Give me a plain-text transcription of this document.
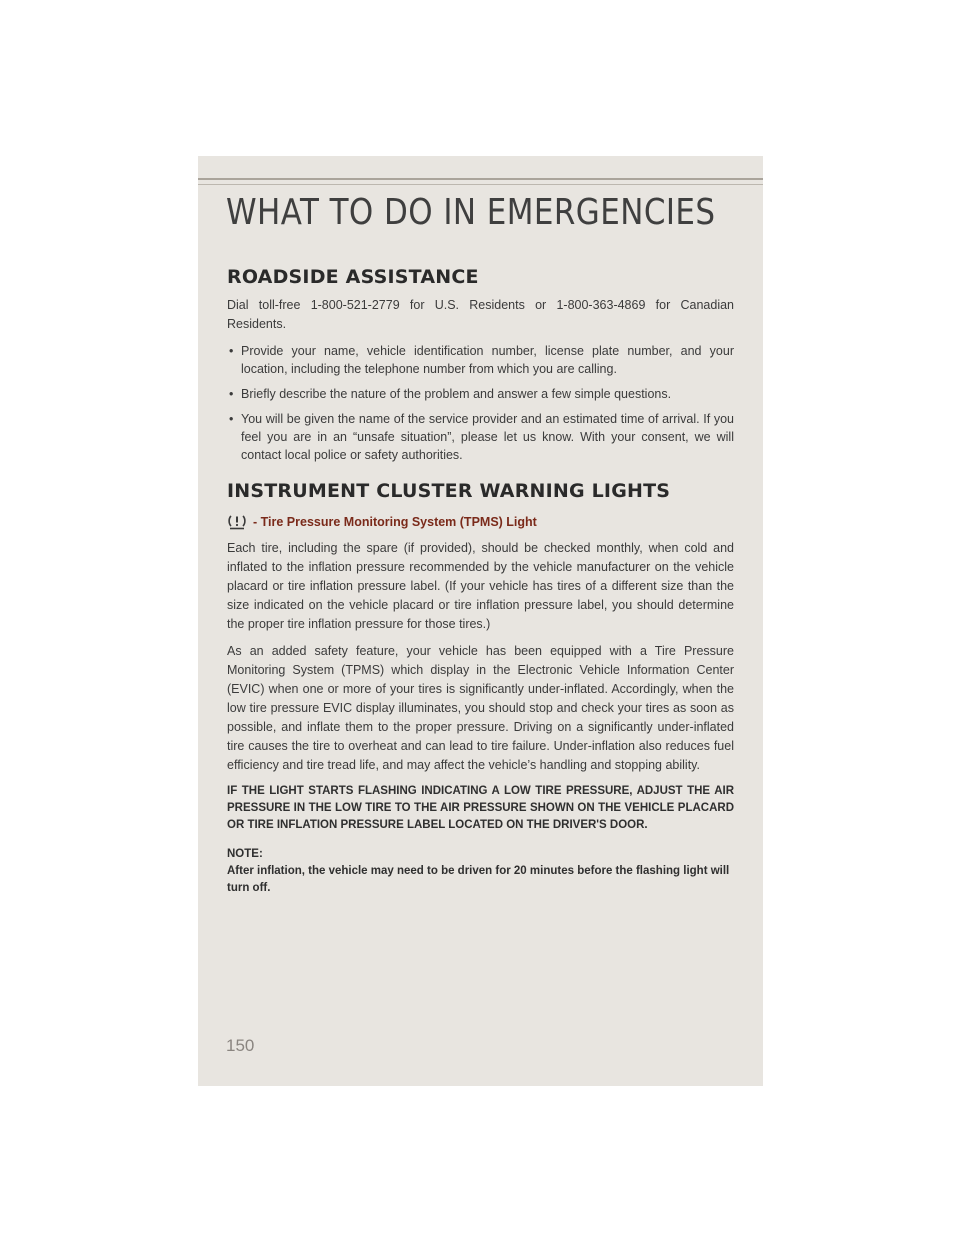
WHAT TO DO IN EMERGENCIES
ROADSIDE ASSISTANCE

Dial toll-free 1-800-521-2779 for U.S. Residents or 1-800-363-4869 for Canadian Residents.

• Provide your name, vehicle identification number, license plate number, and your location, including the telephone number from which you are calling.
• Briefly describe the nature of the problem and answer a few simple questions.
• You will be given the name of the service provider and an estimated time of arrival. If you feel you are in an “unsafe situation”, please let us know. With your consent, we will contact local police or safety authorities.
INSTRUMENT CLUSTER WARNING LIGHTS
- Tire Pressure Monitoring System (TPMS) Light

Each tire, including the spare (if provided), should be checked monthly, when cold and inflated to the inflation pressure recommended by the vehicle manufacturer on the vehicle placard or tire inflation pressure label. (If your vehicle has tires of a different size than the size indicated on the vehicle placard or tire inflation pressure label, you should determine the proper tire inflation pressure for those tires.)

As an added safety feature, your vehicle has been equipped with a Tire Pressure Monitoring System (TPMS) which display in the Electronic Vehicle Information Center (EVIC) when one or more of your tires is significantly under-inflated. Accordingly, when the low tire pressure EVIC display illuminates, you should stop and check your tires as soon as possible, and inflate them to the proper pressure. Driving on a significantly under-inflated tire causes the tire to overheat and can lead to tire failure. Under-inflation also reduces fuel efficiency and tire tread life, and may affect the vehicle’s handling and stopping ability.

IF THE LIGHT STARTS FLASHING INDICATING A LOW TIRE PRESSURE, ADJUST THE AIR PRESSURE IN THE LOW TIRE TO THE AIR PRESSURE SHOWN ON THE VEHICLE PLACARD OR TIRE INFLATION PRESSURE LABEL LOCATED ON THE DRIVER'S DOOR.

NOTE:

After inflation, the vehicle may need to be driven for 20 minutes before the flashing light will turn off.

150
